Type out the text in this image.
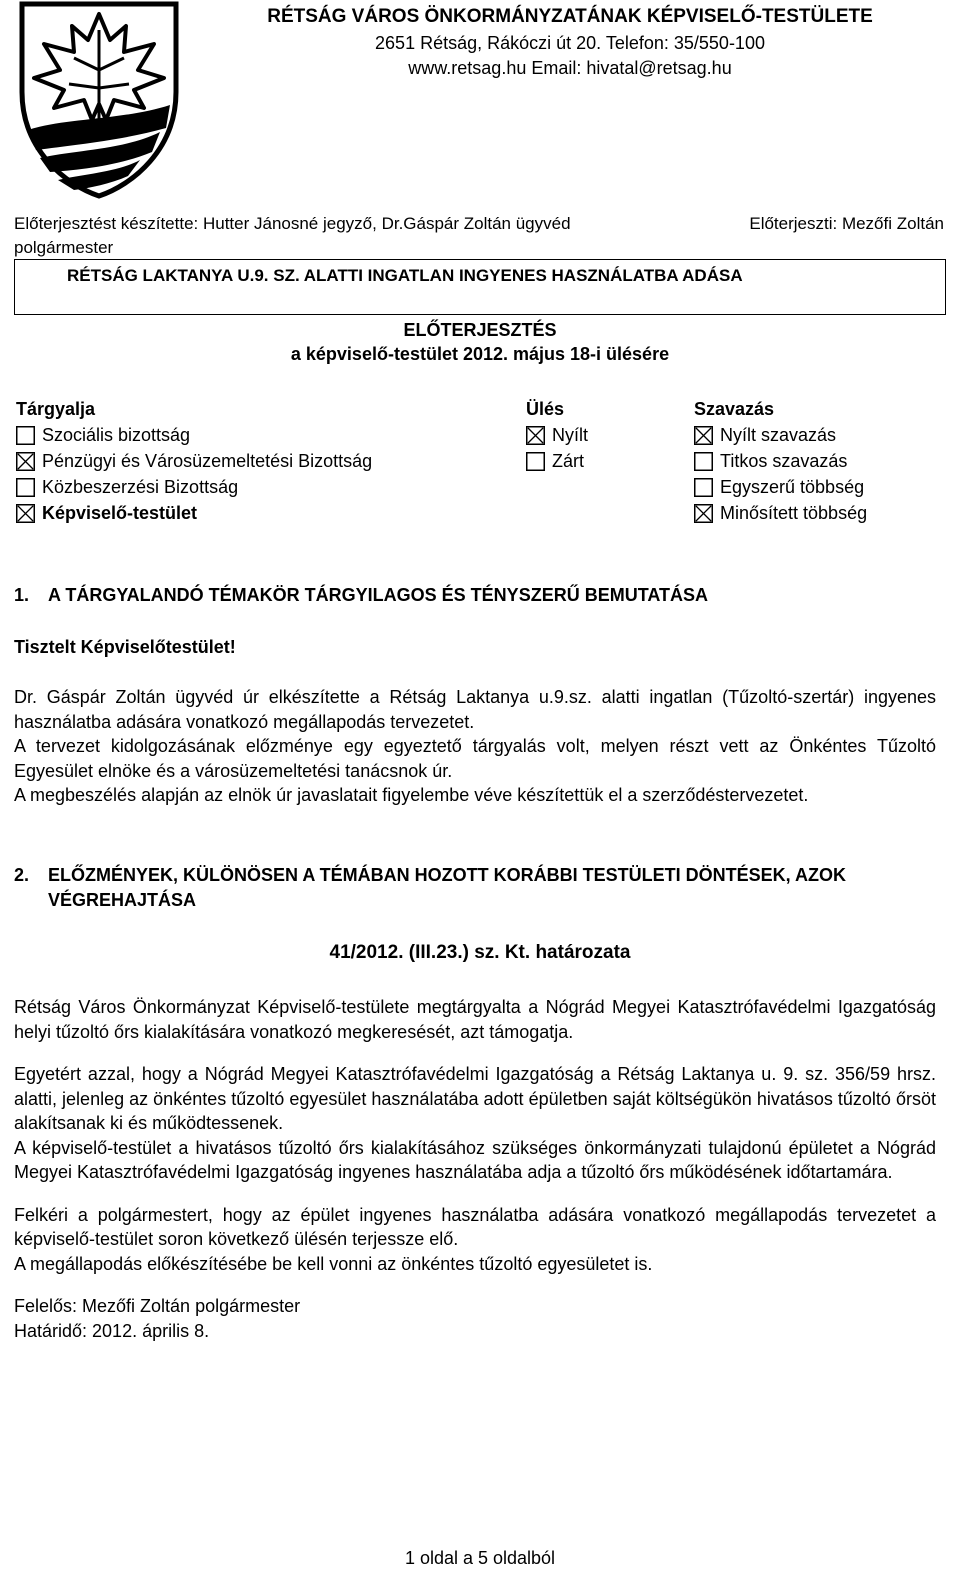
RÉTSÁG VÁROS ÖNKORMÁNYZATÁNAK KÉPVISELŐ-TESTÜLETE
2651 Rétság, Rákóczi út 20. Telefon: 35/550-100
www.retsag.hu Email: hivatal@retsag.hu
Előterjesztést készítette: Hutter Jánosné jegyző, Dr.Gáspár Zoltán ügyvéd	Előterjeszti: Mezőfi Zoltán
polgármester
RÉTSÁG LAKTANYA U.9. SZ. ALATTI INGATLAN INGYENES HASZNÁLATBA ADÁSA
ELŐTERJESZTÉS
a képviselő-testület 2012. május 18-i ülésére
Tárgyalja
Szociális bizottság
Pénzügyi és Városüzemeltetési Bizottság
Közbeszerzési Bizottság
Képviselő-testület
Ülés
Nyílt
Zárt
Szavazás
Nyílt szavazás
Titkos szavazás
Egyszerű többség
Minősített többség
1. A TÁRGYALANDÓ TÉMAKÖR TÁRGYILAGOS ÉS TÉNYSZERŰ BEMUTATÁSA
Tisztelt Képviselőtestület!

Dr. Gáspár Zoltán ügyvéd úr elkészítette a Rétság Laktanya u.9.sz. alatti ingatlan (Tűzoltó-szertár) ingyenes használatba adására vonatkozó megállapodás tervezetet.

A tervezet kidolgozásának előzménye egy egyeztető tárgyalás volt, melyen részt vett az Önkéntes Tűzoltó Egyesület elnöke és a városüzemeltetési tanácsnok úr.

A megbeszélés alapján az elnök úr javaslatait figyelembe véve készítettük el a szerződéstervezetet.

2. ELŐZMÉNYEK, KÜLÖNÖSEN A TÉMÁBAN HOZOTT KORÁBBI TESTÜLETI DÖNTÉSEK, AZOK VÉGREHAJTÁSA
41/2012. (III.23.) sz. Kt. határozata

Rétság Város Önkormányzat Képviselő-testülete megtárgyalta a Nógrád Megyei Katasztrófavédelmi Igazgatóság helyi tűzoltó őrs kialakítására vonatkozó megkeresését, azt támogatja.

Egyetért azzal, hogy a Nógrád Megyei Katasztrófavédelmi Igazgatóság a Rétság Laktanya u. 9. sz. 356/59 hrsz. alatti, jelenleg az önkéntes tűzoltó egyesület használatába adott épületben saját költségükön hivatásos tűzoltó őrsöt alakítsanak ki és működtessenek.

A képviselő-testület a hivatásos tűzoltó őrs kialakításához szükséges önkormányzati tulajdonú épületet a Nógrád Megyei Katasztrófavédelmi Igazgatóság ingyenes használatába adja a tűzoltó őrs működésének időtartamára.

Felkéri a polgármestert, hogy az épület ingyenes használatba adására vonatkozó megállapodás tervezetet a képviselő-testület soron következő ülésén terjessze elő.

A megállapodás előkészítésébe be kell vonni az önkéntes tűzoltó egyesületet is.

Felelős: Mezőfi Zoltán polgármester

Határidő: 2012. április 8.

1 oldal a 5 oldalból
